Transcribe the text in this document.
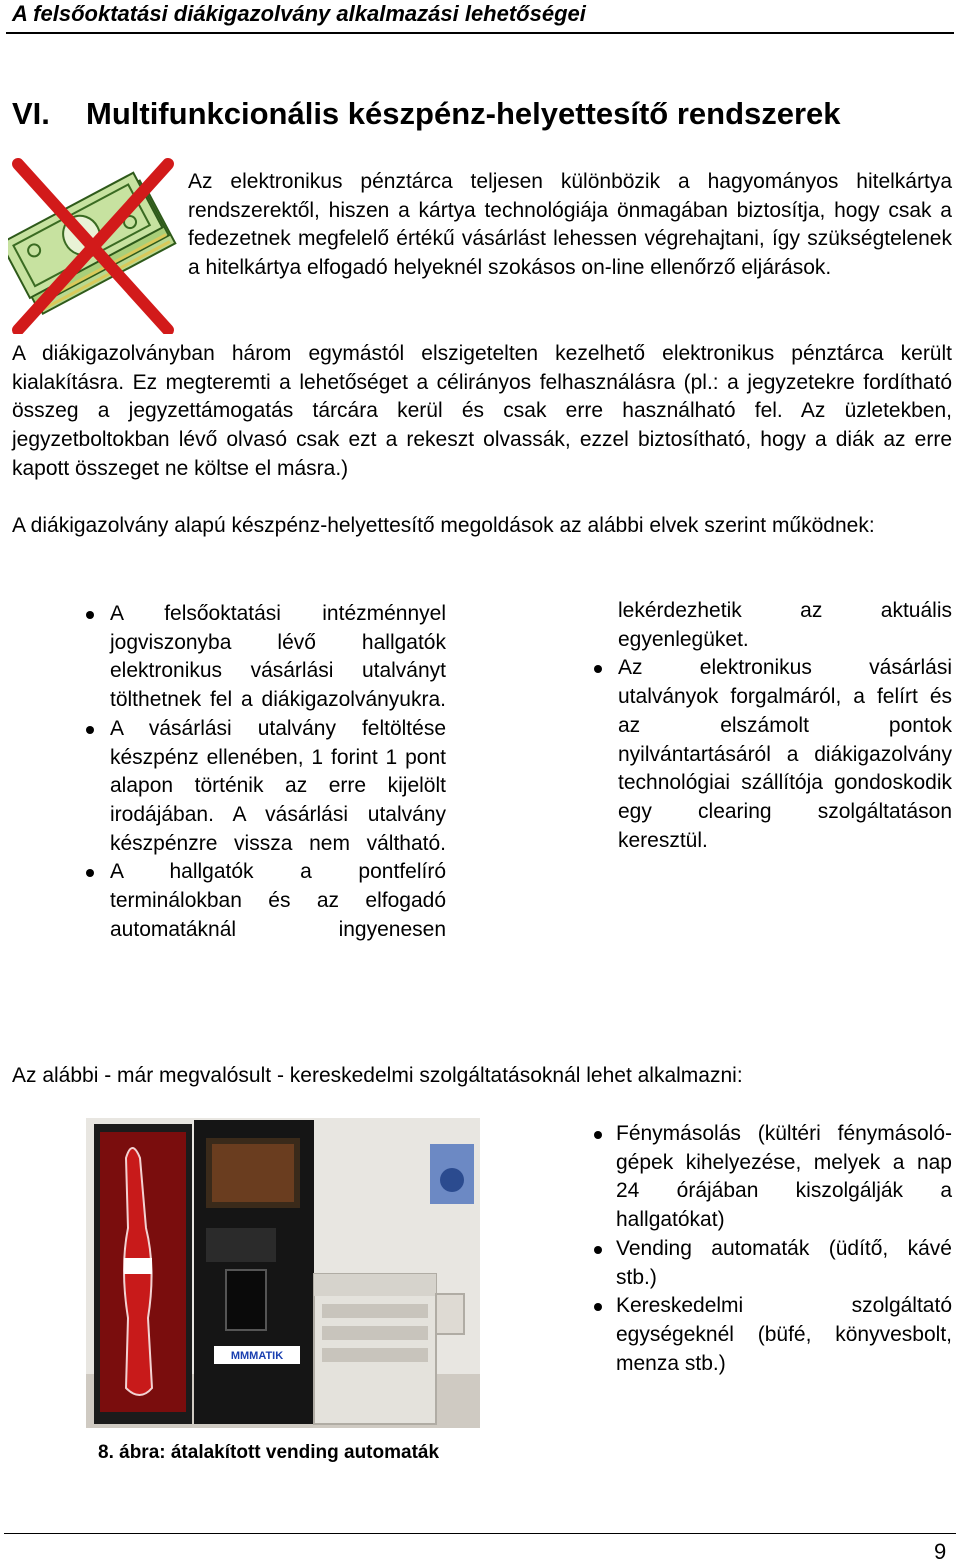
A felsőoktatási diákigazolvány alkalmazási lehetőségei
VI. Multifunkcionális készpénz-helyettesítő rendszerek

Az elektronikus pénztárca teljesen különbözik a hagyományos hitelkártya rendszerektől, hiszen a kártya technológiája önmagában biztosítja, hogy csak a fedezetnek megfelelő értékű vásárlást lehessen végrehajtani, így szükségtelenek a hitelkártya elfogadó helyeknél szokásos on-line ellenőrző eljárások.

A diákigazolványban három egymástól elszigetelten kezelhető elektronikus pénztárca került kialakításra. Ez megteremti a lehetőséget a célirányos felhasználásra (pl.: a jegyzetekre fordítható összeg a jegyzettámogatás tárcára kerül és csak erre használható fel. Az üzletekben, jegyzetboltokban lévő olvasó csak ezt a rekeszt olvassák, ezzel biztosítható, hogy a diák az erre kapott összeget ne költse el másra.)

A diákigazolvány alapú készpénz-helyettesítő megoldások az alábbi elvek szerint működnek:

A felsőoktatási intézménnyel jogviszonyba lévő hallgatók elektronikus vásárlási utalványt tölthetnek fel a diákigazolványukra.
A vásárlási utalvány feltöltése készpénz ellenében, 1 forint 1 pont alapon történik az erre kijelölt irodájában. A vásárlási utalvány készpénzre vissza nem váltható.
A hallgatók a pontfelíró terminálokban és az elfogadó automatáknál ingyenesen
lekérdezhetik az aktuális egyenlegüket.
Az elektronikus vásárlási utalványok forgalmáról, a felírt és az elszámolt pontok nyilvántartásáról a diákigazolvány technológiai szállítója gondoskodik egy clearing szolgáltatáson keresztül.
Az alábbi - már megvalósult - kereskedelmi szolgáltatásoknál lehet alkalmazni:
MMMATIK
Fénymásolás (kültéri fénymásoló-gépek kihelyezése, melyek a nap 24 órájában kiszolgálják a hallgatókat)
Vending automaták (üdítő, kávé stb.)
Kereskedelmi szolgáltató egységeknél (büfé, könyvesbolt, menza stb.)
8. ábra: átalakított vending automaták
9
